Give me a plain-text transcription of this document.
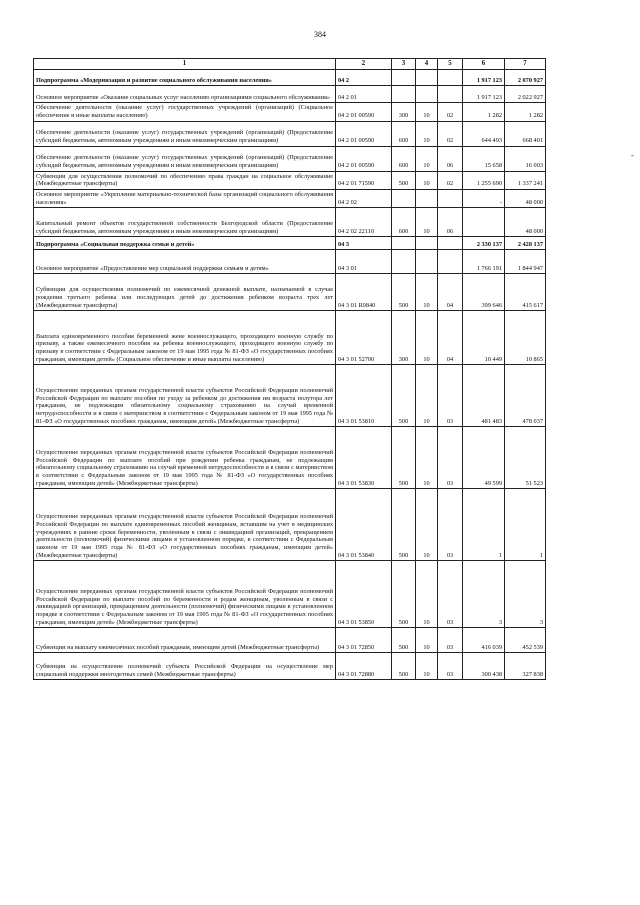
384
-
1	2	3	4	5	6	7
Подпрограмма «Модернизация и развитие социального обслуживания населения»	04 2				1 917 123	2 070 927
Основное мероприятие «Оказание социальных услуг населению организациями социального обслуживания»	04 2 01				1 917 123	2 022 927
Обеспечение деятельности (оказание услуг) государственных учреждений (организаций) (Социальное обеспечение и иные выплаты населению)	04 2 01 00590	300	10	02	1 282	1 282
Обеспечение деятельности (оказание услуг) государственных учреждений (организаций) (Предоставление субсидий бюджетным, автономным учреждениям и иным некоммерческим организациям)	04 2 01 00590	600	10	02	644 493	668 401
Обеспечение деятельности (оказание услуг) государственных учреждений (организаций) (Предоставление субсидий бюджетным, автономным учреждениям и иным некоммерческим организациям)	04 2 01 00590	600	10	06	15 658	16 003
Субвенции для осуществления полномочий по обеспечению права граждан на социальное обслуживание (Межбюджетные трансферты)	04 2 01 71590	500	10	02	1 255 690	1 337 241
Основное мероприятие «Укрепление материально-технической базы организаций социального обслуживания населения»	04 2 02				-	48 000
Капитальный ремонт объектов государственной собственности Белгородской области (Предоставление субсидий бюджетным, автономным учреждениям и иным некоммерческим организациям)	04 2 02 22110	600	10	06		48 000
Подпрограмма «Социальная поддержка семьи и детей»	04 3				2 330 137	2 428 137
Основное мероприятие «Предоставление мер социальной поддержки семьям и детям»	04 3 01				1 766 191	1 844 947
Субвенции для осуществления полномочий по ежемесячной денежной выплате, назначаемой в случае рождения третьего ребенка или последующих детей до достижения ребенком возраста трех лет (Межбюджетные трансферты)	04 3 01 R0840	500	10	04	399 646	415 617
Выплата единовременного пособия беременной жене военнослужащего, проходящего военную службу по призыву, а также ежемесячного пособия на ребенка военнослужащего, проходящего военную службу по призыву в соответствии с Федеральным законом от 19 мая 1995 года № 81-ФЗ «О государственных пособиях гражданам, имеющим детей» (Социальное обеспечение и иные выплаты населению)	04 3 01 52700	300	10	04	10 449	10 865
Осуществление переданных органам государственной власти субъектов Российской Федерации полномочий Российской Федерации по выплате пособия по уходу за ребенком до достижения им возраста полутора лет гражданам, не подлежащим обязательному социальному страхованию на случай временной нетрудоспособности и в связи с материнством в соответствии с Федеральным законом от 19 мая 1995 года № 81-ФЗ «О государственных пособиях гражданам, имеющим детей» (Межбюджетные трансферты)	04 3 01 53810	500	10	03	481 483	478 037
Осуществление переданных органам государственной власти субъектов Российской Федерации полномочий Российской Федерации по выплате пособий при рождении ребенка гражданам, не подлежащим обязательному социальному страхованию на случай временной нетрудоспособности и в связи с материнством в соответствии с Федеральным законом от 19 мая 1995 года № 81-ФЗ «О государственных пособиях гражданам, имеющим детей» (Межбюджетные трансферты)	04 3 01 53830	500	10	03	49 599	51 523
Осуществление переданных органам государственной власти субъектов Российской Федерации полномочий Российской Федерации по выплате единовременных пособий женщинам, вставшим на учет в медицинских учреждениях в ранние сроки беременности, уволенным в связи с ликвидацией организаций, прекращением деятельности (полномочий) физическими лицами в установленном порядке, в соответствии с Федеральным законом от 19 мая 1995 года № 81-ФЗ «О государственных пособиях гражданам, имеющим детей» (Межбюджетные трансферты)	04 3 01 53840	500	10	03	1	1
Осуществление переданных органам государственной власти субъектов Российской Федерации полномочий Российской Федерации по выплате пособий по беременности и родам женщинам, уволенным в связи с ликвидацией организаций, прекращением деятельности (полномочий) физическими лицами в установленном порядке в соответствии с Федеральным законом от 19 мая 1995 года № 81-ФЗ «О государственных пособиях гражданам, имеющим детей» (Межбюджетные трансферты)	04 3 01 53850	500	10	03	3	3
Субвенции на выплату ежемесячных пособий гражданам, имеющим детей (Межбюджетные трансферты)	04 3 01 72850	500	10	03	416 039	452 539
Субвенции на осуществление полномочий субъекта Российской Федерации на осуществление мер социальной поддержки многодетных семей (Межбюджетные трансферты)	04 3 01 72880	500	10	03	300 438	327 838
